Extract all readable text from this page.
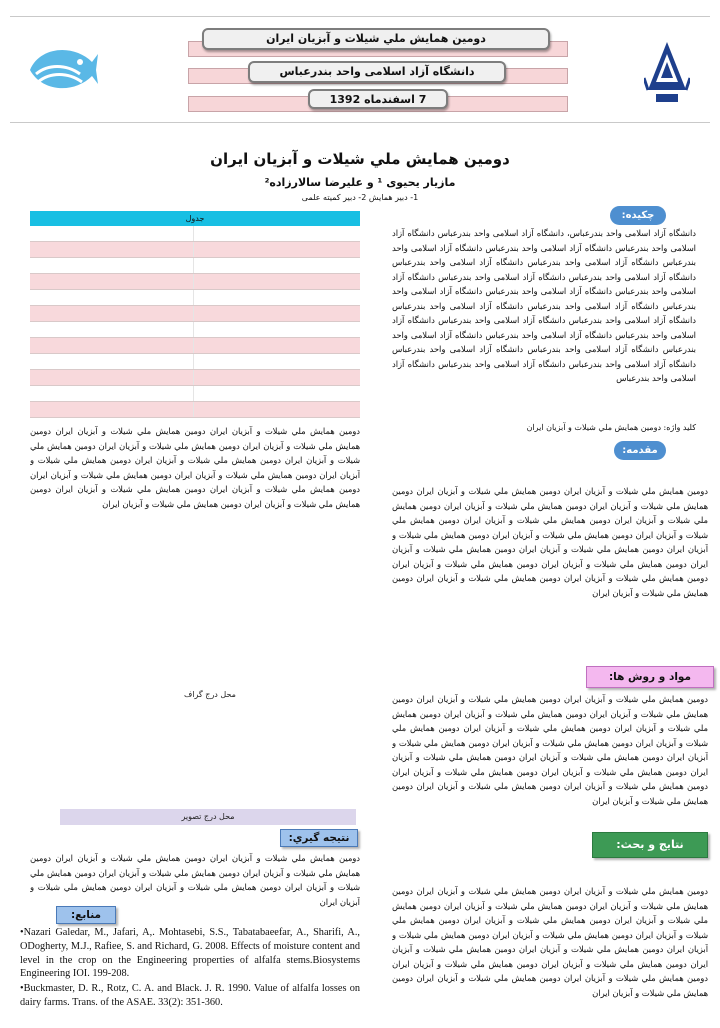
دومين همايش ملي شيلات و آبزيان ايران
دانشگاه آزاد اسلامی واحد بندرعباس
7 اسفندماه 1392
دومين همايش ملي شيلات و آبزيان ايران
مازیار یحیوی ¹ و علیرضا سالارزاده²
1- دبیر همایش 2- دبیر کمیته علمی
چكيده:
دانشگاه آزاد اسلامی واحد بندرعباس، دانشگاه آزاد اسلامی واحد بندرعباس دانشگاه آزاد اسلامی واحد بندرعباس دانشگاه آزاد اسلامی واحد بندرعباس دانشگاه آزاد اسلامی واحد بندرعباس دانشگاه آزاد اسلامی واحد بندرعباس دانشگاه آزاد اسلامی واحد بندرعباس دانشگاه آزاد اسلامی واحد بندرعباس دانشگاه آزاد اسلامی واحد بندرعباس دانشگاه آزاد اسلامی واحد بندرعباس دانشگاه آزاد اسلامی واحد بندرعباس دانشگاه آزاد اسلامی واحد بندرعباس دانشگاه آزاد اسلامی واحد بندرعباس دانشگاه آزاد اسلامی واحد بندرعباس دانشگاه آزاد اسلامی واحد بندرعباس دانشگاه آزاد اسلامی واحد بندرعباس دانشگاه آزاد اسلامی واحد بندرعباس دانشگاه آزاد اسلامی واحد بندرعباس دانشگاه آزاد اسلامی واحد بندرعباس دانشگاه آزاد اسلامی واحد بندرعباس دانشگاه آزاد اسلامی واحد بندرعباس دانشگاه آزاد اسلامی واحد بندرعباس دانشگاه آزاد اسلامی واحد بندرعباس دانشگاه آزاد اسلامی واحد بندرعباس
کلید واژه: دومين همايش ملي شيلات و آبزيان ايران
مقدمه:
دومين همايش ملي شيلات و آبزيان ايران دومين همايش ملي شيلات و آبزيان ايران دومين همايش ملي شيلات و آبزيان ايران دومين همايش ملي شيلات و آبزيان ايران دومين همايش ملي شيلات و آبزيان ايران دومين همايش ملي شيلات و آبزيان ايران دومين همايش ملي شيلات و آبزيان ايران دومين همايش ملي شيلات و آبزيان ايران دومين همايش ملي شيلات و آبزيان ايران دومين همايش ملي شيلات و آبزيان ايران دومين همايش ملي شيلات و آبزيان ايران دومين همايش ملي شيلات و آبزيان ايران دومين همايش ملي شيلات و آبزيان ايران دومين همايش ملي شيلات و آبزيان ايران دومين همايش ملي شيلات و آبزيان ايران دومين همايش ملي شيلات و آبزيان ايران
مواد و روش ها:
دومين همايش ملي شيلات و آبزيان ايران دومين همايش ملي شيلات و آبزيان ايران دومين همايش ملي شيلات و آبزيان ايران دومين همايش ملي شيلات و آبزيان ايران دومين همايش ملي شيلات و آبزيان ايران دومين همايش ملي شيلات و آبزيان ايران دومين همايش ملي شيلات و آبزيان ايران دومين همايش ملي شيلات و آبزيان ايران دومين همايش ملي شيلات و آبزيان ايران دومين همايش ملي شيلات و آبزيان ايران دومين همايش ملي شيلات و آبزيان ايران دومين همايش ملي شيلات و آبزيان ايران دومين همايش ملي شيلات و آبزيان ايران دومين همايش ملي شيلات و آبزيان ايران دومين همايش ملي شيلات و آبزيان ايران دومين همايش ملي شيلات و آبزيان ايران
نتايج و بحث:
دومين همايش ملي شيلات و آبزيان ايران دومين همايش ملي شيلات و آبزيان ايران دومين همايش ملي شيلات و آبزيان ايران دومين همايش ملي شيلات و آبزيان ايران دومين همايش ملي شيلات و آبزيان ايران دومين همايش ملي شيلات و آبزيان ايران دومين همايش ملي شيلات و آبزيان ايران دومين همايش ملي شيلات و آبزيان ايران دومين همايش ملي شيلات و آبزيان ايران دومين همايش ملي شيلات و آبزيان ايران دومين همايش ملي شيلات و آبزيان ايران دومين همايش ملي شيلات و آبزيان ايران دومين همايش ملي شيلات و آبزيان ايران دومين همايش ملي شيلات و آبزيان ايران دومين همايش ملي شيلات و آبزيان ايران دومين همايش ملي شيلات و آبزيان ايران
جدول
دومين همايش ملي شيلات و آبزيان ايران دومين همايش ملي شيلات و آبزيان ايران دومين همايش ملي شيلات و آبزيان ايران دومين همايش ملي شيلات و آبزيان ايران دومين همايش ملي شيلات و آبزيان ايران دومين همايش ملي شيلات و آبزيان ايران دومين همايش ملي شيلات و آبزيان ايران دومين همايش ملي شيلات و آبزيان ايران دومين همايش ملي شيلات و آبزيان ايران دومين همايش ملي شيلات و آبزيان ايران دومين همايش ملي شيلات و آبزيان ايران دومين همايش ملي شيلات و آبزيان ايران دومين همايش ملي شيلات و آبزيان ايران
محل درج گراف
محل درج تصویر
نتيجه گيري:
دومين همايش ملي شيلات و آبزيان ايران دومين همايش ملي شيلات و آبزيان ايران دومين همايش ملي شيلات و آبزيان ايران دومين همايش ملي شيلات و آبزيان ايران دومين همايش ملي شيلات و آبزيان ايران دومين همايش ملي شيلات و آبزيان ايران دومين همايش ملي شيلات و آبزيان ايران
منابع:
•Nazari Galedar, M., Jafari, A,. Mohtasebi, S.S., Tabatabaeefar, A., Sharifi, A., ODogherty, M.J., Rafiee, S. and Richard, G. 2008. Effects of moisture content and level in the crop on the Engineering properties of alfalfa stems.Biosystems Engineering IOI. 199-208.
•Buckmaster, D. R., Rotz, C. A. and Black. J. R. 1990. Value of alfalfa losses on dairy farms. Trans. of the ASAE. 33(2): 351-360.
